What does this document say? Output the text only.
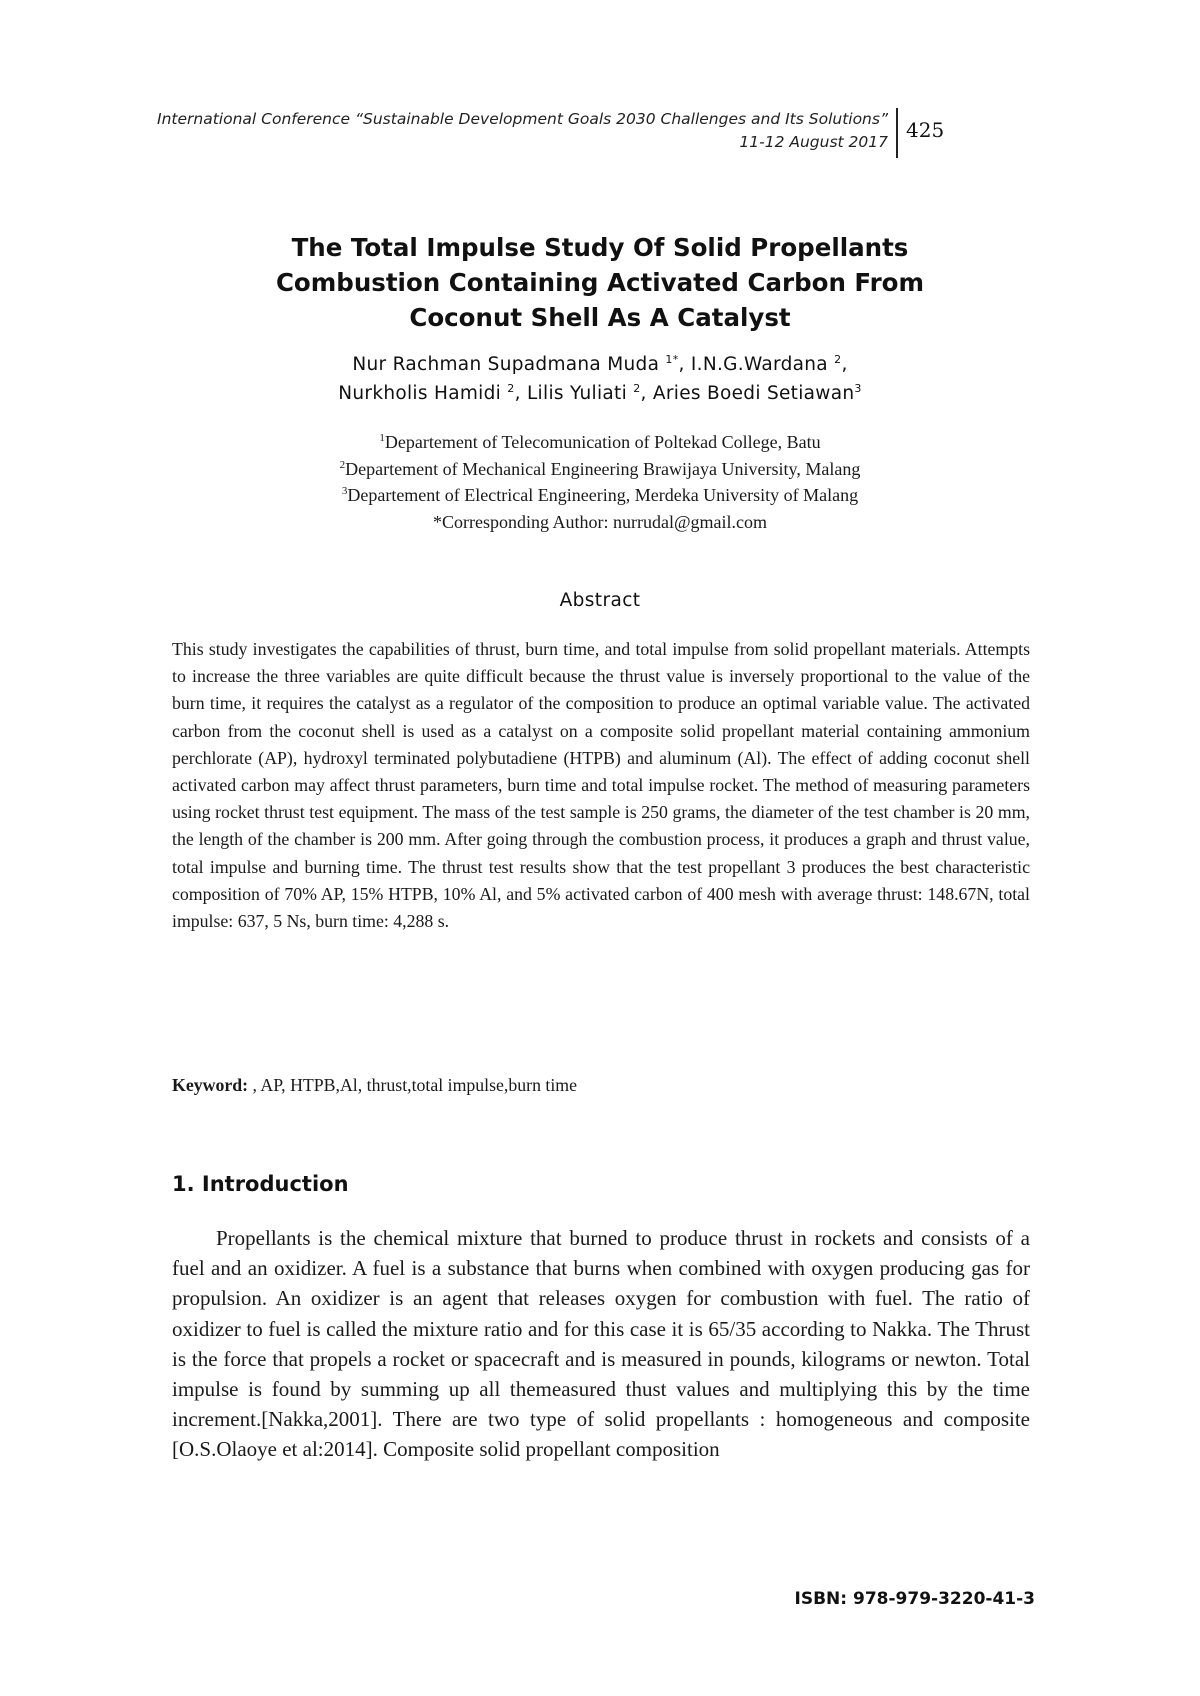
International Conference “Sustainable Development Goals 2030 Challenges and Its Solutions”
11-12 August 2017 425
The Total Impulse Study Of Solid Propellants
Combustion Containing Activated Carbon From
Coconut Shell As A Catalyst
Nur Rachman Supadmana Muda $^{1*}$, I.N.G.Wardana $^2$,
Nurkholis Hamidi $^2$, Lilis Yuliati $^2$, Aries Boedi Setiawan$^3$
$^1$Departement of Telecomunication of Poltekad College, Batu
$^2$Departement of Mechanical Engineering Brawijaya University, Malang
$^3$Departement of Electrical Engineering, Merdeka University of Malang
*Corresponding Author: nurrudal@gmail.com
Abstract
This study investigates the capabilities of thrust, burn time, and total impulse from solid propellant materials. Attempts to increase the three variables are quite difficult because the thrust value is inversely proportional to the value of the burn time, it requires the catalyst as a regulator of the composition to produce an optimal variable value. The activated carbon from the coconut shell is used as a catalyst on a composite solid propellant material containing ammonium perchlorate (AP), hydroxyl terminated polybutadiene (HTPB) and aluminum (Al). The effect of adding coconut shell activated carbon may affect thrust parameters, burn time and total impulse rocket. The method of measuring parameters using rocket thrust test equipment. The mass of the test sample is 250 grams, the diameter of the test chamber is 20 mm, the length of the chamber is 200 mm. After going through the combustion process, it produces a graph and thrust value, total impulse and burning time. The thrust test results show that the test propellant 3 produces the best characteristic composition of 70% AP, 15% HTPB, 10% Al, and 5% activated carbon of 400 mesh with average thrust: 148.67N, total impulse: 637, 5 Ns, burn time: 4,288 s.
Keyword: , AP, HTPB,Al, thrust,total impulse,burn time
1. Introduction
Propellants is the chemical mixture that burned to produce thrust in rockets and consists of a fuel and an oxidizer. A fuel is a substance that burns when combined with oxygen producing gas for propulsion. An oxidizer is an agent that releases oxygen for combustion with fuel. The ratio of oxidizer to fuel is called the mixture ratio and for this case it is 65/35 according to Nakka. The Thrust is the force that propels a rocket or spacecraft and is measured in pounds, kilograms or newton. Total impulse is found by summing up all themeasured thust values and multiplying this by the time increment.[Nakka,2001]. There are two type of solid propellants : homogeneous and composite [O.S.Olaoye et al:2014]. Composite solid propellant composition
ISBN: 978-979-3220-41-3
